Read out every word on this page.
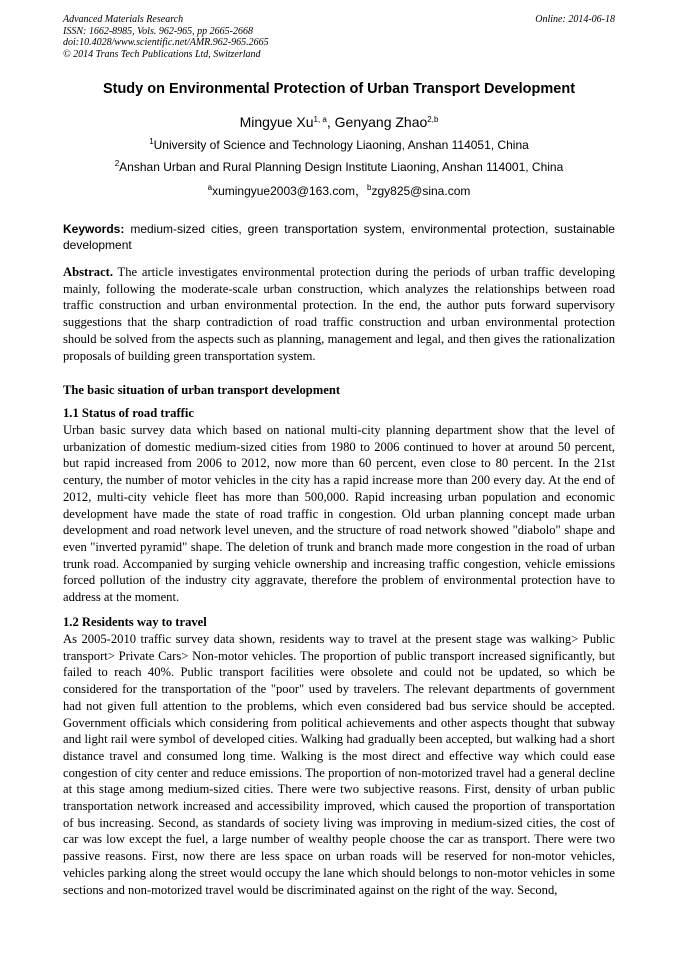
Advanced Materials Research
ISSN: 1662-8985, Vols. 962-965, pp 2665-2668
doi:10.4028/www.scientific.net/AMR.962-965.2665
© 2014 Trans Tech Publications Ltd, Switzerland
Online: 2014-06-18
Study on Environmental Protection of Urban Transport Development
Mingyue Xu$^{1, a}$, Genyang Zhao$^{2,b}$
$^1$University of Science and Technology Liaoning, Anshan 114051, China
$^2$Anshan Urban and Rural Planning Design Institute Liaoning, Anshan 114001, China
$^a$xumingyue2003@163.com，$^b$zgy825@sina.com
Keywords: medium-sized cities, green transportation system, environmental protection, sustainable development
Abstract. The article investigates environmental protection during the periods of urban traffic developing mainly, following the moderate-scale urban construction, which analyzes the relationships between road traffic construction and urban environmental protection. In the end, the author puts forward supervisory suggestions that the sharp contradiction of road traffic construction and urban environmental protection should be solved from the aspects such as planning, management and legal, and then gives the rationalization proposals of building green transportation system.
The basic situation of urban transport development
1.1 Status of road traffic
Urban basic survey data which based on national multi-city planning department show that the level of urbanization of domestic medium-sized cities from 1980 to 2006 continued to hover at around 50 percent, but rapid increased from 2006 to 2012, now more than 60 percent, even close to 80 percent. In the 21st century, the number of motor vehicles in the city has a rapid increase more than 200 every day. At the end of 2012, multi-city vehicle fleet has more than 500,000. Rapid increasing urban population and economic development have made the state of road traffic in congestion. Old urban planning concept made urban development and road network level uneven, and the structure of road network showed "diabolo" shape and even "inverted pyramid" shape. The deletion of trunk and branch made more congestion in the road of urban trunk road. Accompanied by surging vehicle ownership and increasing traffic congestion, vehicle emissions forced pollution of the industry city aggravate, therefore the problem of environmental protection have to address at the moment.
1.2 Residents way to travel
As 2005-2010 traffic survey data shown, residents way to travel at the present stage was walking> Public transport> Private Cars> Non-motor vehicles. The proportion of public transport increased significantly, but failed to reach 40%. Public transport facilities were obsolete and could not be updated, so which be considered for the transportation of the "poor" used by travelers. The relevant departments of government had not given full attention to the problems, which even considered bad bus service should be accepted. Government officials which considering from political achievements and other aspects thought that subway and light rail were symbol of developed cities. Walking had gradually been accepted, but walking had a short distance travel and consumed long time. Walking is the most direct and effective way which could ease congestion of city center and reduce emissions. The proportion of non-motorized travel had a general decline at this stage among medium-sized cities. There were two subjective reasons. First, density of urban public transportation network increased and accessibility improved, which caused the proportion of transportation of bus increasing. Second, as standards of society living was improving in medium-sized cities, the cost of car was low except the fuel, a large number of wealthy people choose the car as transport. There were two passive reasons. First, now there are less space on urban roads will be reserved for non-motor vehicles, vehicles parking along the street would occupy the lane which should belongs to non-motor vehicles in some sections and non-motorized travel would be discriminated against on the right of the way. Second,
